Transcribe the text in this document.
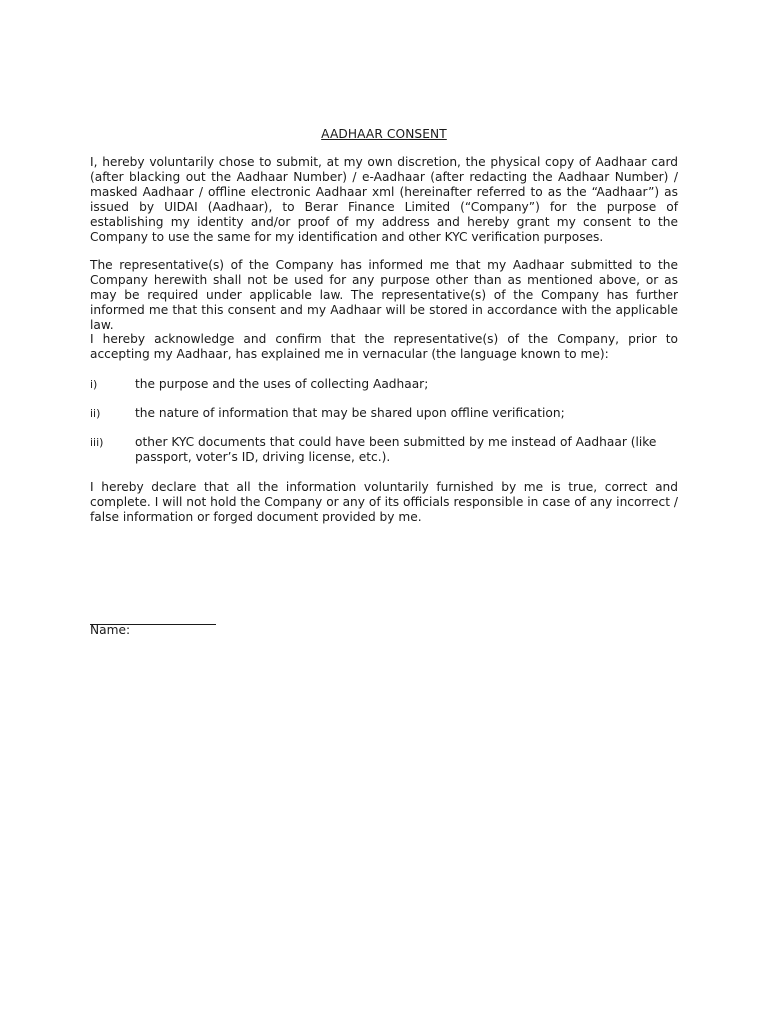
AADHAAR CONSENT

I, hereby voluntarily chose to submit, at my own discretion, the physical copy of Aadhaar card (after blacking out the Aadhaar Number) / e-Aadhaar (after redacting the Aadhaar Number) / masked Aadhaar / offline electronic Aadhaar xml (hereinafter referred to as the “Aadhaar”) as issued by UIDAI (Aadhaar), to Berar Finance Limited (“Company”) for the purpose of establishing my identity and/or proof of my address and hereby grant my consent to the Company to use the same for my identification and other KYC verification purposes.

The representative(s) of the Company has informed me that my Aadhaar submitted to the Company herewith shall not be used for any purpose other than as mentioned above, or as may be required under applicable law. The representative(s) of the Company has further informed me that this consent and my Aadhaar will be stored in accordance with the applicable law.

I hereby acknowledge and confirm that the representative(s) of the Company, prior to accepting my Aadhaar, has explained me in vernacular (the language known to me):

i)	the purpose and the uses of collecting Aadhaar;
ii)	the nature of information that may be shared upon offline verification;
iii)	other KYC documents that could have been submitted by me instead of Aadhaar (like passport, voter’s ID, driving license, etc.).

I hereby declare that all the information voluntarily furnished by me is true, correct and complete. I will not hold the Company or any of its officials responsible in case of any incorrect / false information or forged document provided by me.

Name:
